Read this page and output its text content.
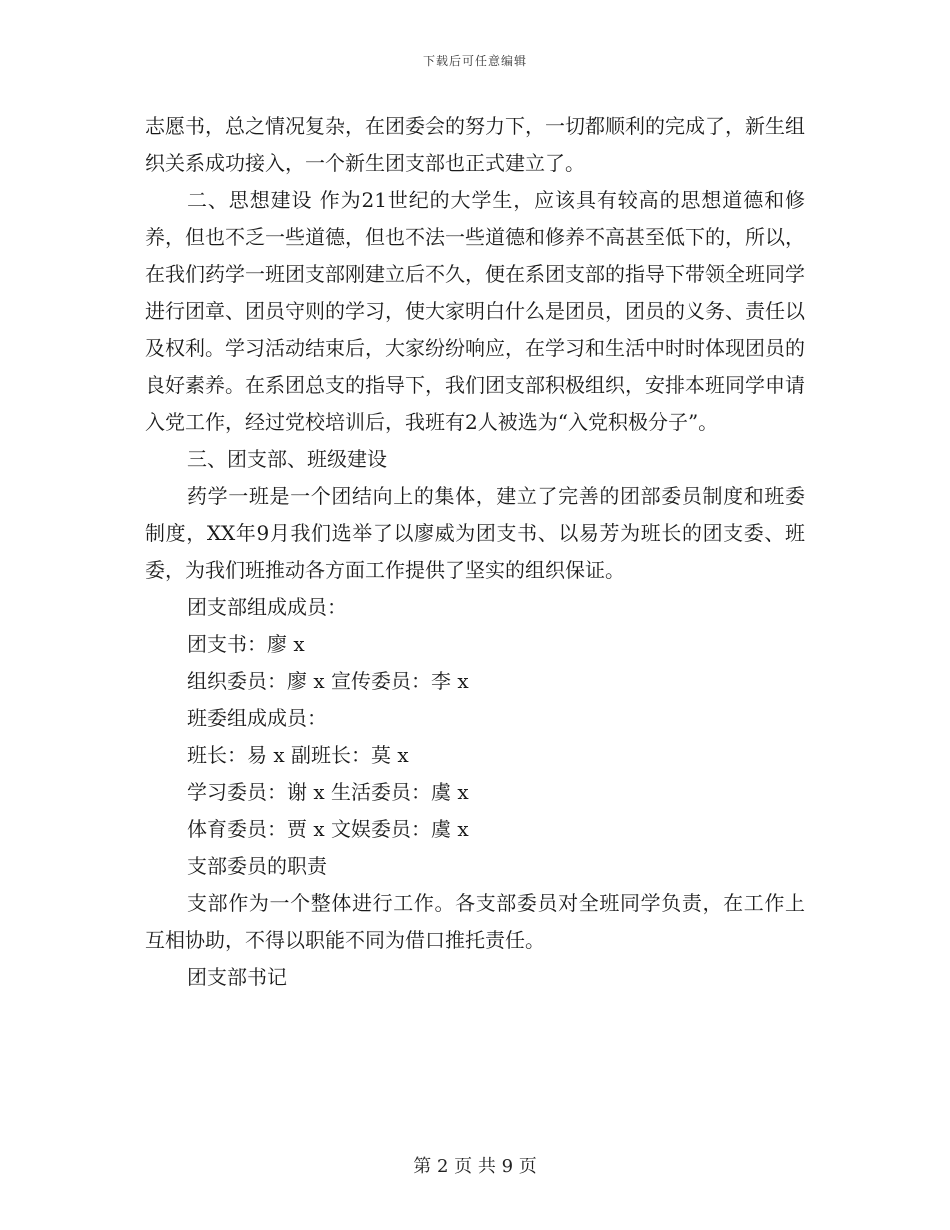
下载后可任意编辑

志愿书，总之情况复杂，在团委会的努力下，一切都顺利的完成了，新生组织关系成功接入，一个新生团支部也正式建立了。

二、思想建设 作为21世纪的大学生，应该具有较高的思想道德和修养，但也不乏一些道德，但也不法一些道德和修养不高甚至低下的，所以，在我们药学一班团支部刚建立后不久，便在系团支部的指导下带领全班同学进行团章、团员守则的学习，使大家明白什么是团员，团员的义务、责任以及权利。学习活动结束后，大家纷纷响应，在学习和生活中时时体现团员的良好素养。在系团总支的指导下，我们团支部积极组织，安排本班同学申请入党工作，经过党校培训后，我班有2人被选为“入党积极分子”。

三、团支部、班级建设

药学一班是一个团结向上的集体，建立了完善的团部委员制度和班委制度，XX年9月我们选举了以廖威为团支书、以易芳为班长的团支委、班委，为我们班推动各方面工作提供了坚实的组织保证。

团支部组成成员：

团支书：廖 x

组织委员：廖 x 宣传委员：李 x

班委组成成员：

班长：易 x 副班长：莫 x

学习委员：谢 x 生活委员：虞 x

体育委员：贾 x 文娱委员：虞 x

支部委员的职责

支部作为一个整体进行工作。各支部委员对全班同学负责，在工作上互相协助，不得以职能不同为借口推托责任。

团支部书记

第 2 页 共 9 页
